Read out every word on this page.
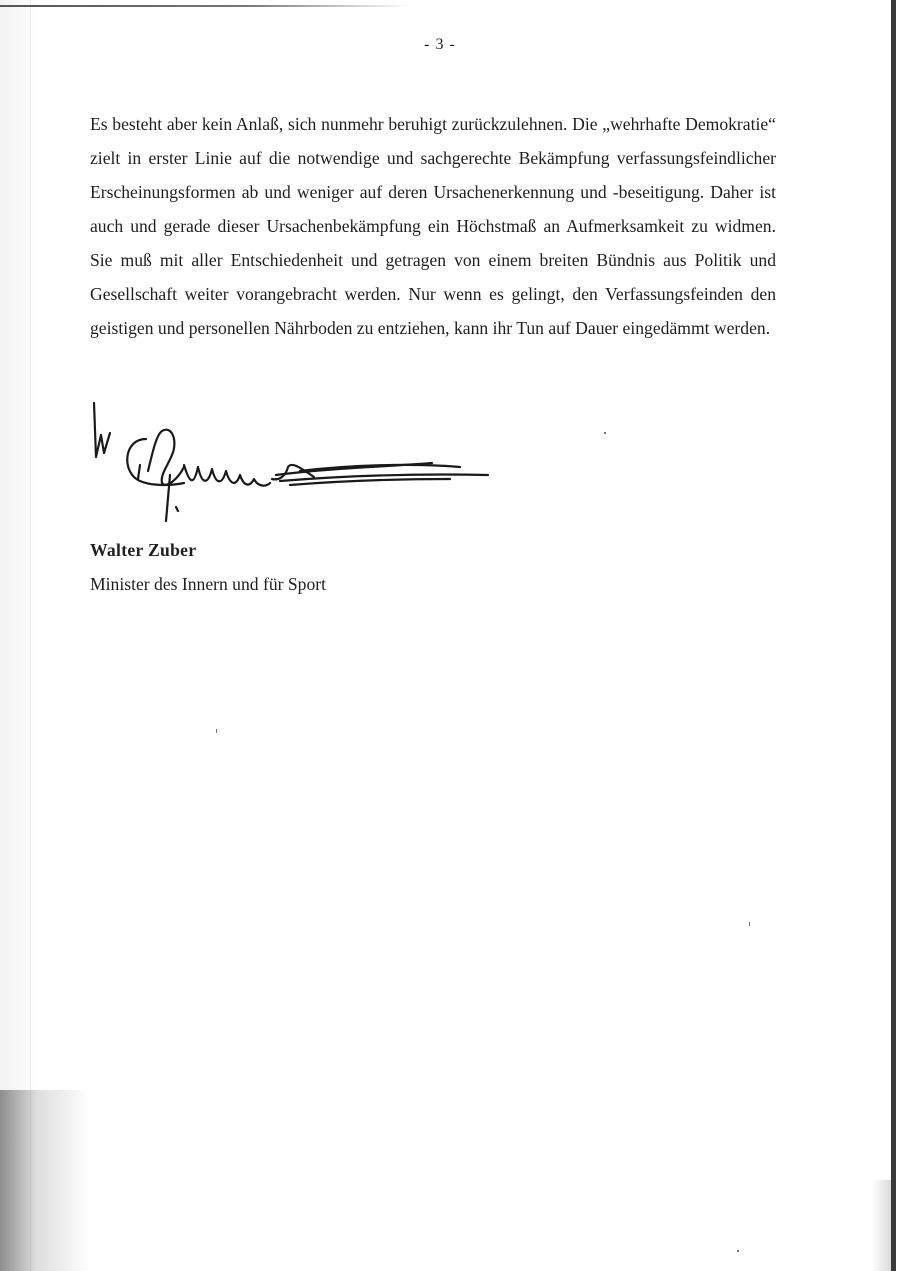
- 3 -

Es besteht aber kein Anlaß, sich nunmehr beruhigt zurückzulehnen. Die „wehrhafte Demokratie“ zielt in erster Linie auf die notwendige und sachgerechte Bekämpfung verfassungsfeindlicher Erscheinungsformen ab und weniger auf deren Ursachenerkennung und -beseitigung. Daher ist auch und gerade dieser Ursachenbekämpfung ein Höchstmaß an Aufmerksamkeit zu widmen. Sie muß mit aller Entschiedenheit und getragen von einem breiten Bündnis aus Politik und Gesellschaft weiter vorangebracht werden. Nur wenn es gelingt, den Verfassungsfeinden den geistigen und personellen Nährboden zu entziehen, kann ihr Tun auf Dauer eingedämmt werden.

Walter Zuber
Minister des Innern und für Sport
